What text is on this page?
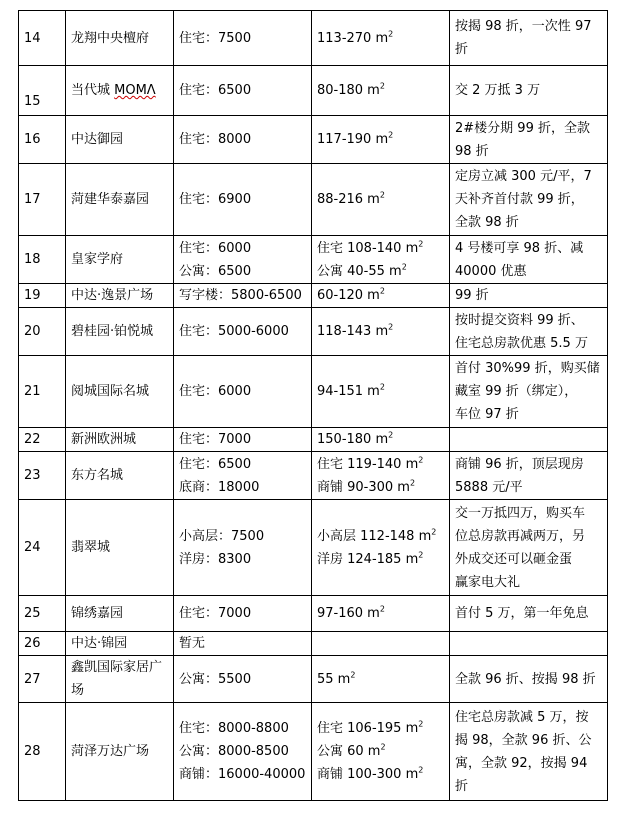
14	龙翔中央檀府	住宅：7500	113-270 $m^2$	按揭 98 折，一次性 97
折

15	当代城 MOMΛ	住宅：6500	80-180 $m^2$	交 2 万抵 3 万

16	中达御园	住宅：8000	117-190 $m^2$	2#楼分期 99 折，全款
98 折

17	菏建华泰嘉园	住宅：6900	88-216 $m^2$	定房立减 300 元/平，7
天补齐首付款 99 折，
全款 98 折

18	皇家学府	住宅：6000
公寓：6500	住宅 108-140 $m^2$
公寓 40-55 $m^2$	4 号楼可享 98 折、减
40000 优惠

19	中达·逸景广场	写字楼：5800-6500	60-120 $m^2$	99 折

20	碧桂园·铂悦城	住宅：5000-6000	118-143 $m^2$	按时提交资料 99 折、
住宅总房款优惠 5.5 万

21	阅城国际名城	住宅：6000	94-151 $m^2$	首付 30%99 折，购买储
藏室 99 折（绑定），
车位 97 折

22	新洲欧洲城	住宅：7000	150-180 $m^2$

23	东方名城	住宅：6500
底商：18000	住宅 119-140 $m^2$
商铺 90-300 $m^2$	商铺 96 折，顶层现房
5888 元/平

24	翡翠城	小高层：7500
洋房：8300	小高层 112-148 $m^2$
洋房 124-185 $m^2$	交一万抵四万，购买车
位总房款再减两万，另
外成交还可以砸金蛋
赢家电大礼

25	锦绣嘉园	住宅：7000	97-160 $m^2$	首付 5 万，第一年免息

26	中达·锦园	暂无		

27	鑫凯国际家居广
场	公寓：5500	55 $m^2$	全款 96 折、按揭 98 折

28	菏泽万达广场	住宅：8000-8800
公寓：8000-8500
商铺：16000-40000	住宅 106-195 $m^2$
公寓 60 $m^2$
商铺 100-300 $m^2$	住宅总房款减 5 万，按
揭 98，全款 96 折、公
寓，全款 92，按揭 94
折
